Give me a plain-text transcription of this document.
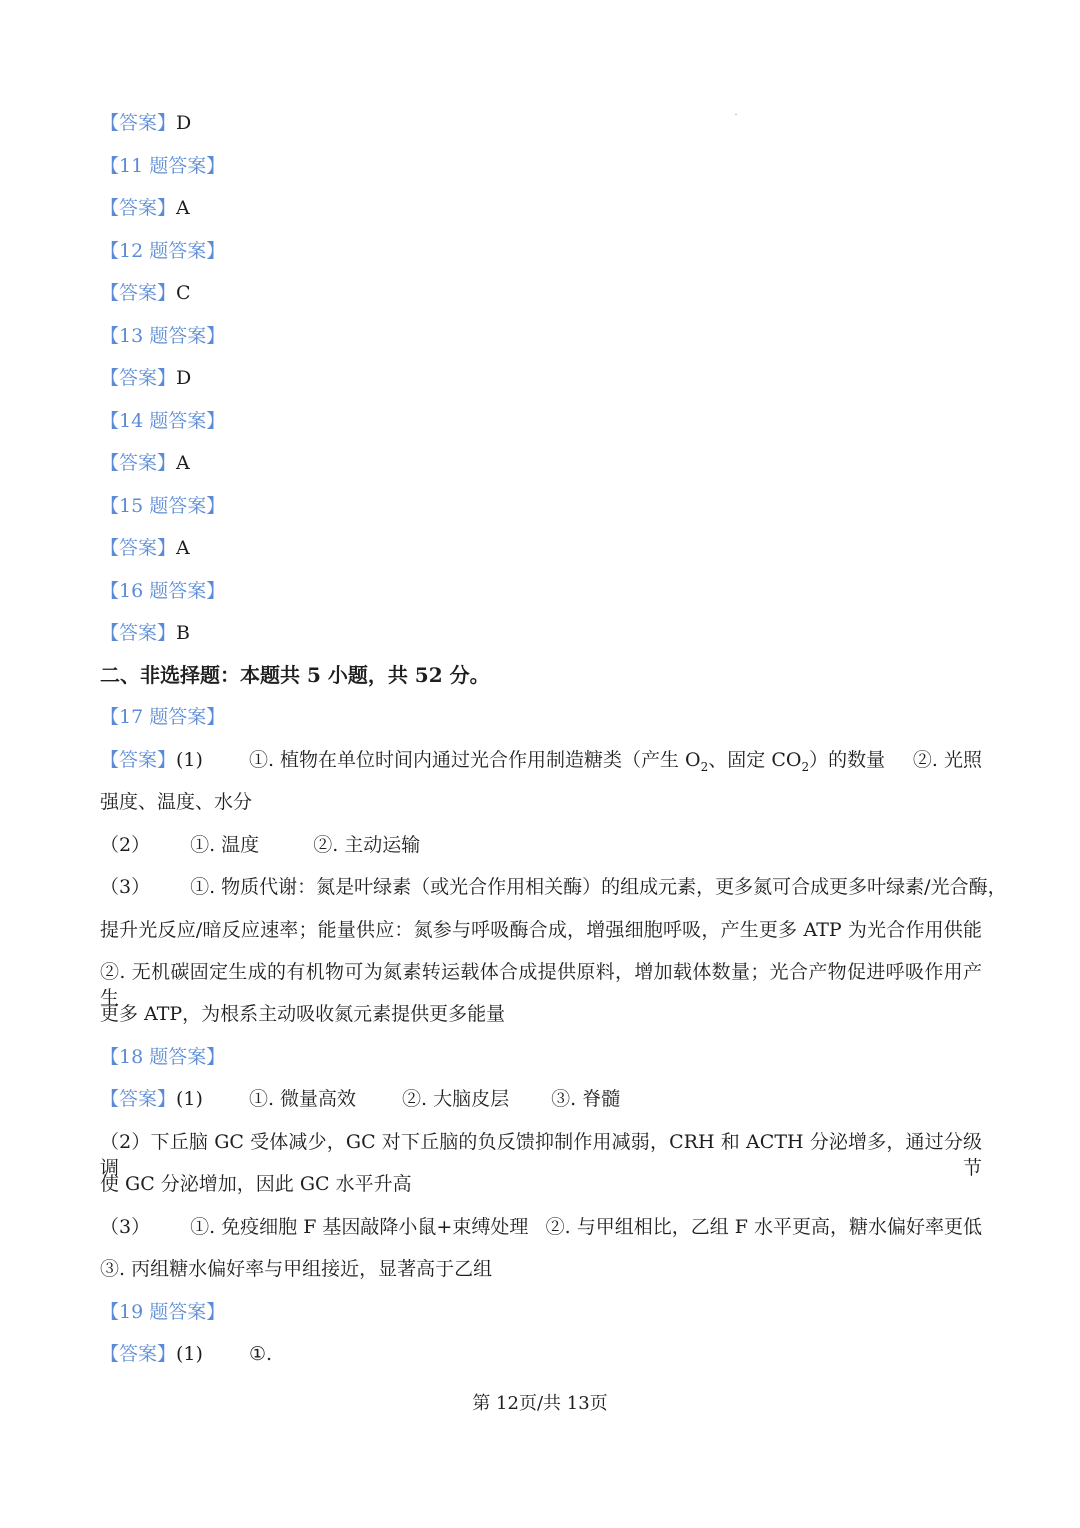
【答案】D
【11 题答案】
【答案】A
【12 题答案】
【答案】C
【13 题答案】
【答案】D
【14 题答案】
【答案】A
【15 题答案】
【答案】A
【16 题答案】
【答案】B
二、非选择题：本题共 5 小题，共 52 分。
【17 题答案】
【答案】(1) ①. 植物在单位时间内通过光合作用制造糖类（产生 $O_2$、固定 $CO_2$）的数量 ②. 光照
强度、温度、水分
（2） ①. 温度	②. 主动运输
（3） ①. 物质代谢：氮是叶绿素（或光合作用相关酶）的组成元素，更多氮可合成更多叶绿素/光合酶，
提升光反应/暗反应速率；能量供应：氮参与呼吸酶合成，增强细胞呼吸，产生更多 ATP 为光合作用供能
②. 无机碳固定生成的有机物可为氮素转运载体合成提供原料，增加载体数量；光合产物促进呼吸作用产生
更多 ATP，为根系主动吸收氮元素提供更多能量
【18 题答案】
【答案】(1) ①. 微量高效 ②. 大脑皮层 ③. 脊髓
（2）下丘脑 GC 受体减少，GC 对下丘脑的负反馈抑制作用减弱，CRH 和 ACTH 分泌增多，通过分级调节
使 GC 分泌增加，因此 GC 水平升高
（3） ①. 免疫细胞 F 基因敲降小鼠+束缚处理 ②. 与甲组相比，乙组 F 水平更高，糖水偏好率更低
③. 丙组糖水偏好率与甲组接近，显著高于乙组
【19 题答案】
【答案】(1) ①.
第 12页/共 13页
